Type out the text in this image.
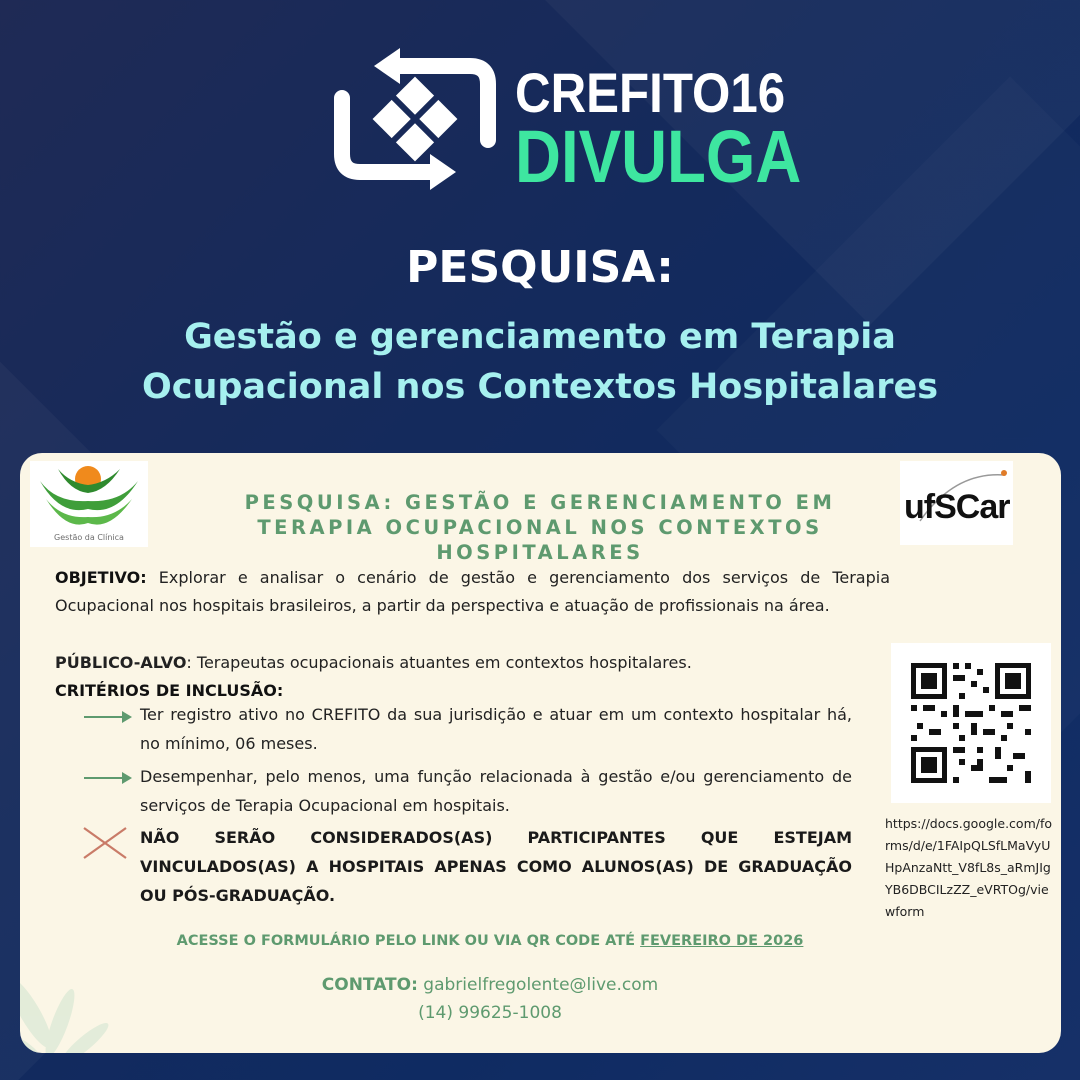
CREFITO16
DIVULGA
PESQUISA:
Gestão e gerenciamento em Terapia
Ocupacional nos Contextos Hospitalares
Gestão da Clínica
ufSCar
PESQUISA: GESTÃO E GERENCIAMENTO EM
TERAPIA OCUPACIONAL NOS CONTEXTOS
HOSPITALARES
OBJETIVO: Explorar e analisar o cenário de gestão e gerenciamento dos serviços de Terapia Ocupacional nos hospitais brasileiros, a partir da perspectiva e atuação de profissionais na área.
PÚBLICO-ALVO: Terapeutas ocupacionais atuantes em contextos hospitalares.
CRITÉRIOS DE INCLUSÃO:
Ter registro ativo no CREFITO da sua jurisdição e atuar em um contexto hospitalar há, no mínimo, 06 meses.
Desempenhar, pelo menos, uma função relacionada à gestão e/ou gerenciamento de serviços de Terapia Ocupacional em hospitais.
NÃO SERÃO CONSIDERADOS(AS) PARTICIPANTES QUE ESTEJAM VINCULADOS(AS) A HOSPITAIS APENAS COMO ALUNOS(AS) DE GRADUAÇÃO OU PÓS-GRADUAÇÃO.
https://docs.google.com/forms/d/e/1FAIpQLSfLMaVyUHpAnzaNtt_V8fL8s_aRmJIgYB6DBCILzZZ_eVRTOg/viewform
ACESSE O FORMULÁRIO PELO LINK OU VIA QR CODE ATÉ FEVEREIRO DE 2026
CONTATO: gabrielfregolente@live.com
(14) 99625-1008
